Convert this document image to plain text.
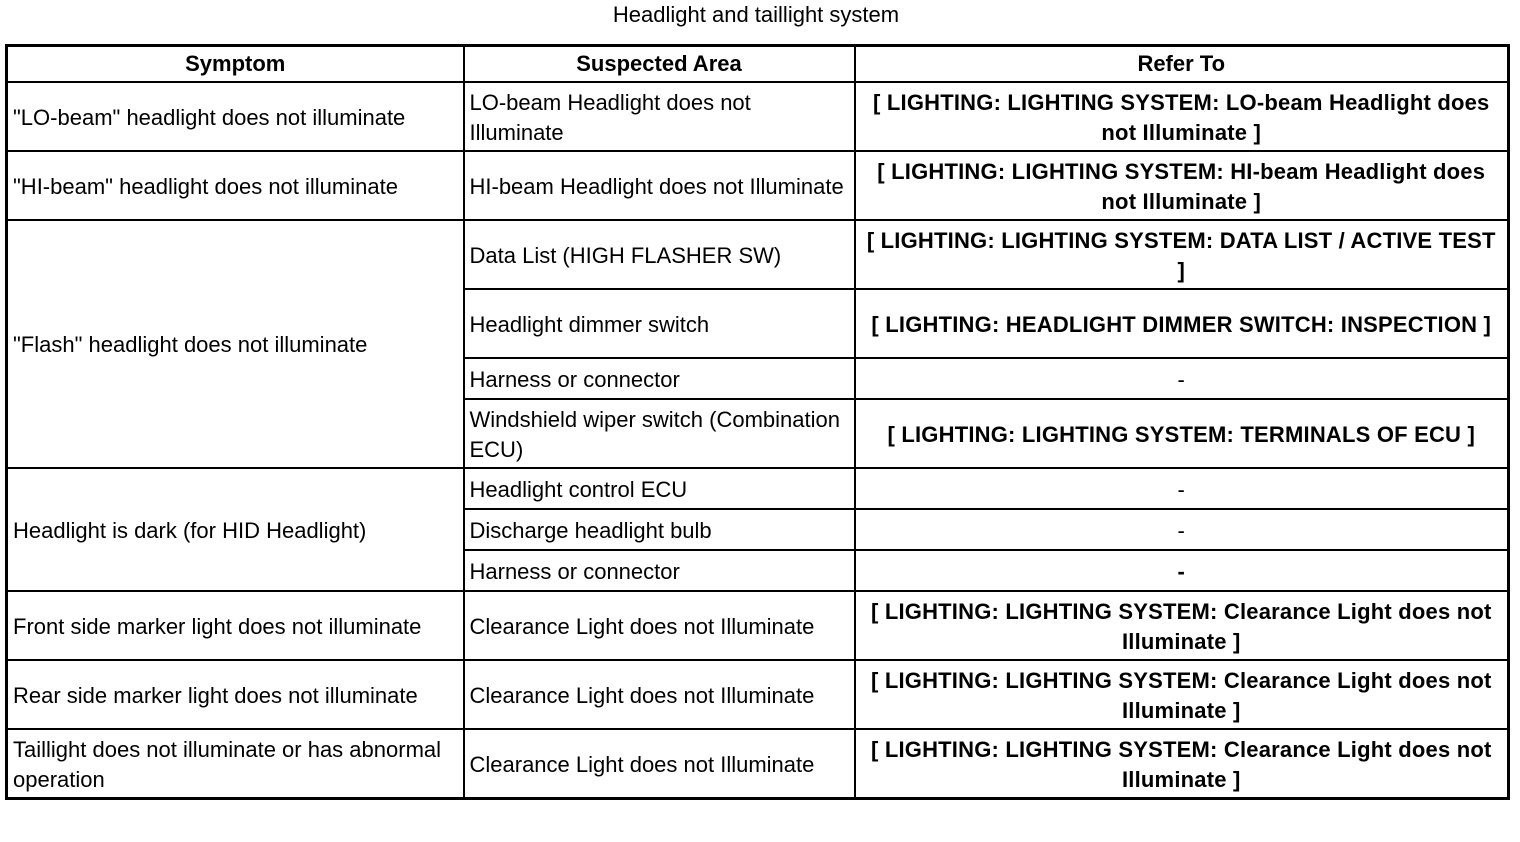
Headlight and taillight system
Symptom	Suspected Area	Refer To
"LO-beam" headlight does not illuminate	LO-beam Headlight does not Illuminate	[ LIGHTING: LIGHTING SYSTEM: LO-beam Headlight does not Illuminate ]
"HI-beam" headlight does not illuminate	HI-beam Headlight does not Illuminate	[ LIGHTING: LIGHTING SYSTEM: HI-beam Headlight does not Illuminate ]
"Flash" headlight does not illuminate	Data List (HIGH FLASHER SW)	[ LIGHTING: LIGHTING SYSTEM: DATA LIST / ACTIVE TEST ]
	Headlight dimmer switch	[ LIGHTING: HEADLIGHT DIMMER SWITCH: INSPECTION ]
	Harness or connector	-
	Windshield wiper switch (Combination ECU)	[ LIGHTING: LIGHTING SYSTEM: TERMINALS OF ECU ]
Headlight is dark (for HID Headlight)	Headlight control ECU	-
	Discharge headlight bulb	-
	Harness or connector	-
Front side marker light does not illuminate	Clearance Light does not Illuminate	[ LIGHTING: LIGHTING SYSTEM: Clearance Light does not Illuminate ]
Rear side marker light does not illuminate	Clearance Light does not Illuminate	[ LIGHTING: LIGHTING SYSTEM: Clearance Light does not Illuminate ]
Taillight does not illuminate or has abnormal operation	Clearance Light does not Illuminate	[ LIGHTING: LIGHTING SYSTEM: Clearance Light does not Illuminate ]
